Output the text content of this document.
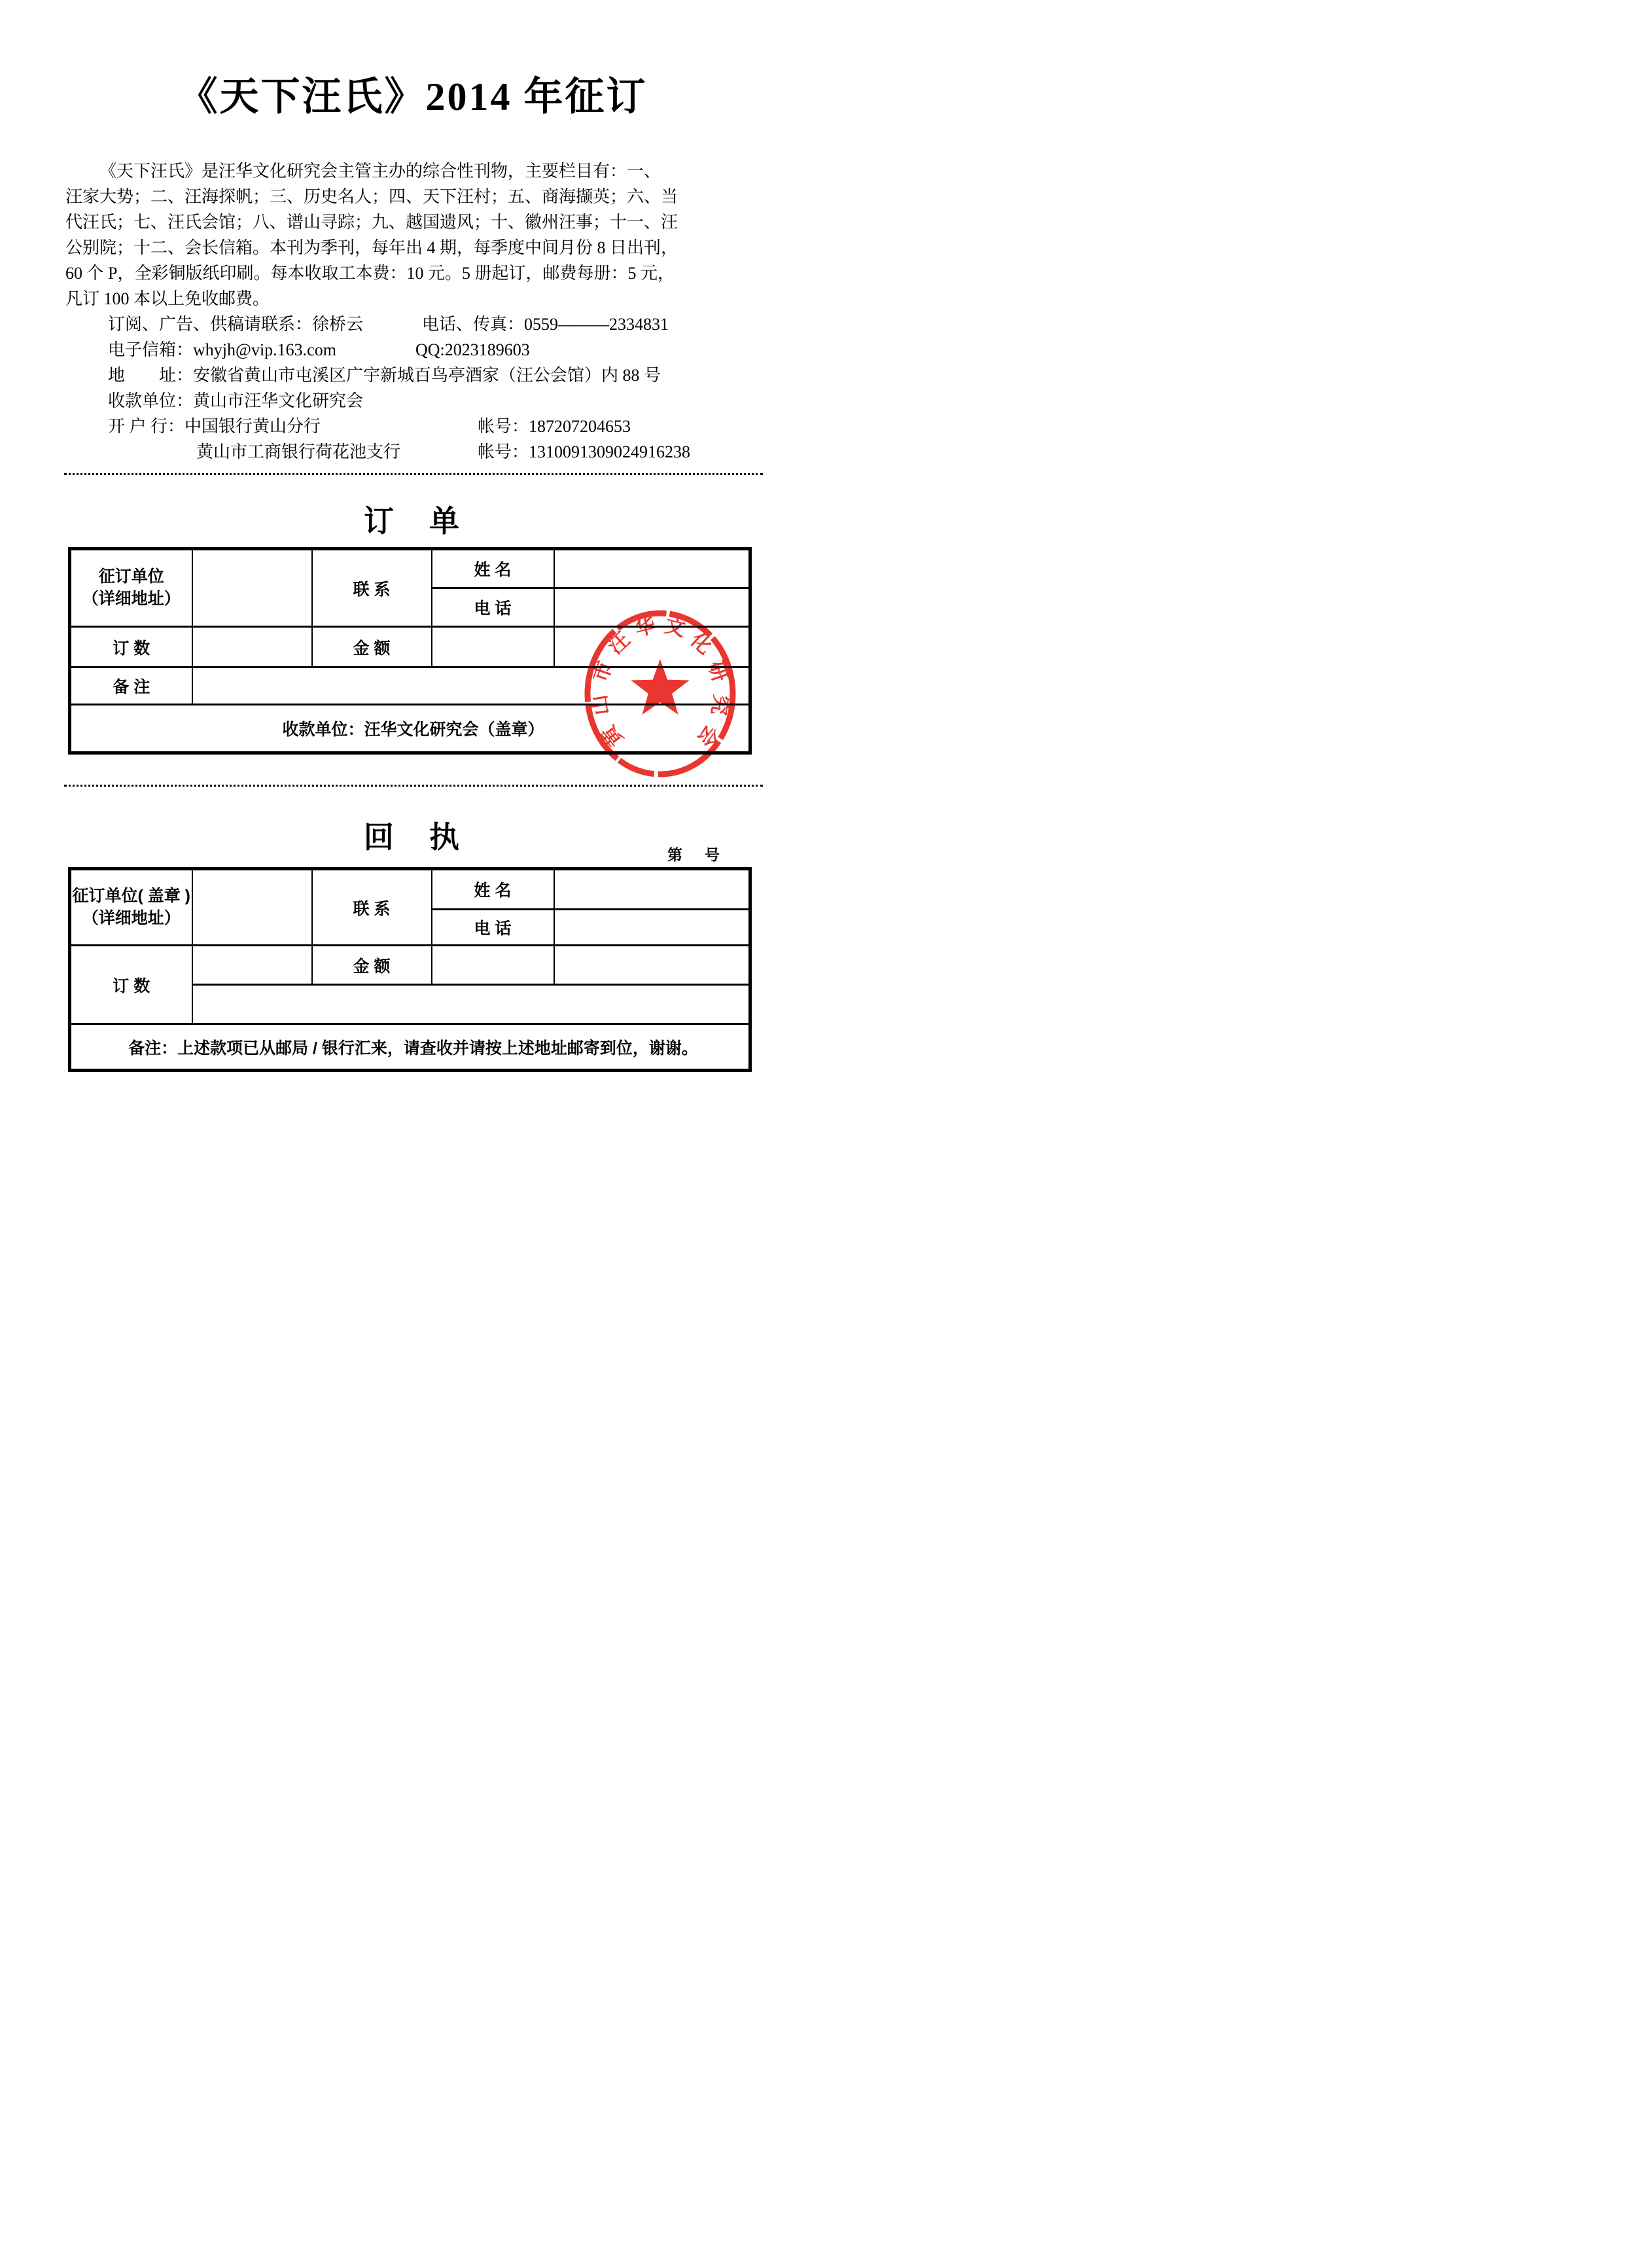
《天下汪氏》2014 年征订
《天下汪氏》是汪华文化研究会主管主办的综合性刊物，主要栏目有：一、
汪家大势；二、汪海探帆；三、历史名人；四、天下汪村；五、商海撷英；六、当
代汪氏；七、汪氏会馆；八、谱山寻踪；九、越国遗风；十、徽州汪事；十一、汪
公别院；十二、会长信箱。本刊为季刊，每年出 4 期，每季度中间月份 8 日出刊，
60 个 P，全彩铜版纸印刷。每本收取工本费：10 元。5 册起订，邮费每册：5 元，
凡订 100 本以上免收邮费。
订阅、广告、供稿请联系：徐桥云	电话、传真：0559———2334831
电子信箱：whyjh@vip.163.com	QQ:2023189603
地　　址：安徽省黄山市屯溪区广宇新城百鸟亭酒家（汪公会馆）内 88 号
收款单位：黄山市汪华文化研究会
开 户 行：中国银行黄山分行	帐号：187207204653
黄山市工商银行荷花池支行	帐号：1310091309024916238
订　单
征订单位
（详细地址）		联 系	姓 名	
			电 话	
订 数		金 额		
备 注				
收款单位：汪华文化研究会（盖章）					黄
山
市
汪
华 文
化
研
究
会
回　执
第 号
征订单位( 盖章 )
（详细地址）		联 系	姓 名	
			电 话	
订 数		金 额		

备注：上述款项已从邮局 / 银行汇来，请查收并请按上述地址邮寄到位，谢谢。				
